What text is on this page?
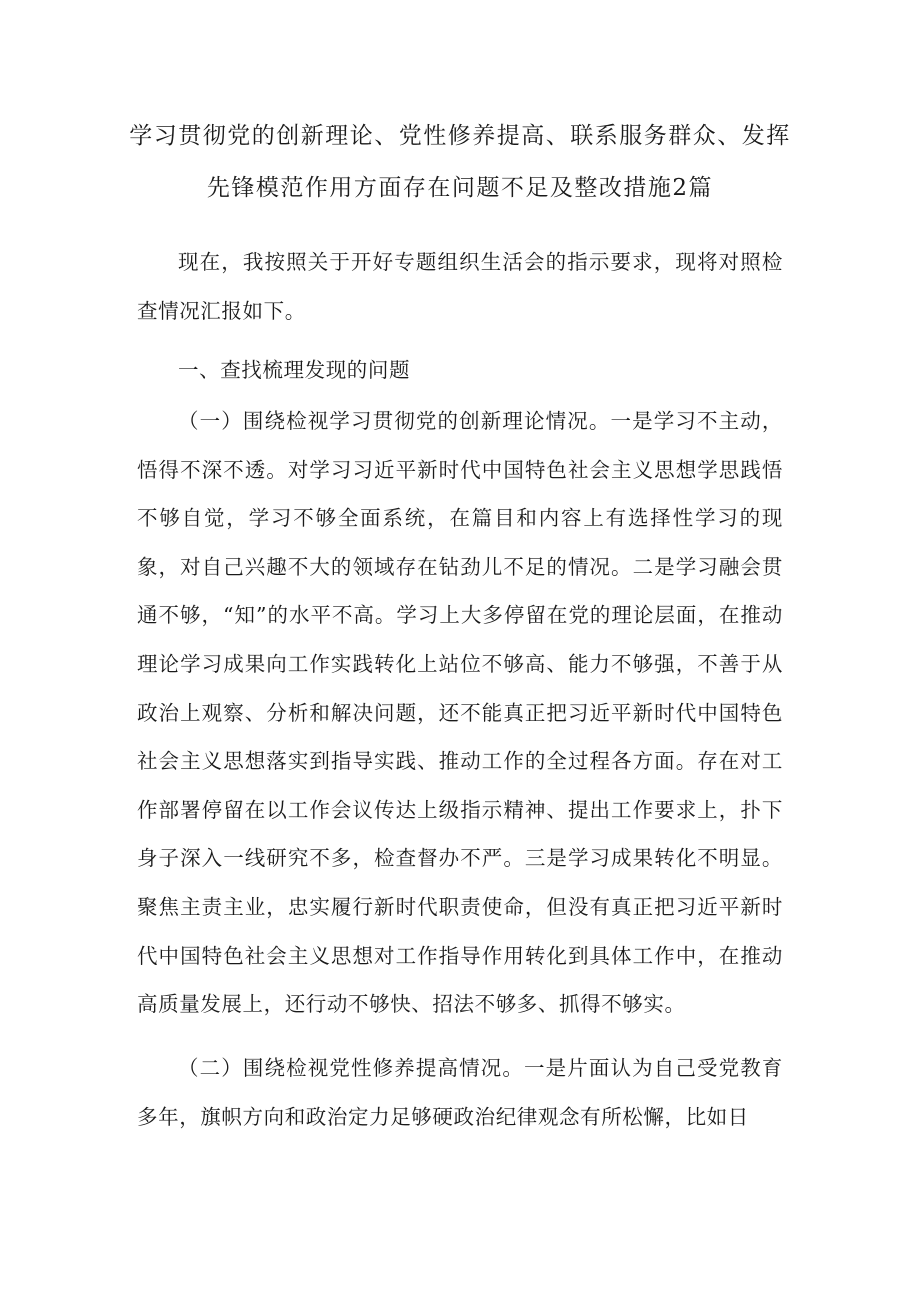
学习贯彻党的创新理论、党性修养提高、联系服务群众、发挥
先锋模范作用方面存在问题不足及整改措施2篇

现在，我按照关于开好专题组织生活会的指示要求，现将对照检查情况汇报如下。

一、查找梳理发现的问题

（一）围绕检视学习贯彻党的创新理论情况。一是学习不主动，悟得不深不透。对学习习近平新时代中国特色社会主义思想学思践悟不够自觉，学习不够全面系统，在篇目和内容上有选择性学习的现象，对自己兴趣不大的领域存在钻劲儿不足的情况。二是学习融会贯通不够，“知”的水平不高。学习上大多停留在党的理论层面，在推动理论学习成果向工作实践转化上站位不够高、能力不够强，不善于从政治上观察、分析和解决问题，还不能真正把习近平新时代中国特色社会主义思想落实到指导实践、推动工作的全过程各方面。存在对工作部署停留在以工作会议传达上级指示精神、提出工作要求上，扑下身子深入一线研究不多，检查督办不严。三是学习成果转化不明显。聚焦主责主业，忠实履行新时代职责使命，但没有真正把习近平新时代中国特色社会主义思想对工作指导作用转化到具体工作中，在推动高质量发展上，还行动不够快、招法不够多、抓得不够实。

（二）围绕检视党性修养提高情况。一是片面认为自己受党教育多年，旗帜方向和政治定力足够硬政治纪律观念有所松懈，比如日
